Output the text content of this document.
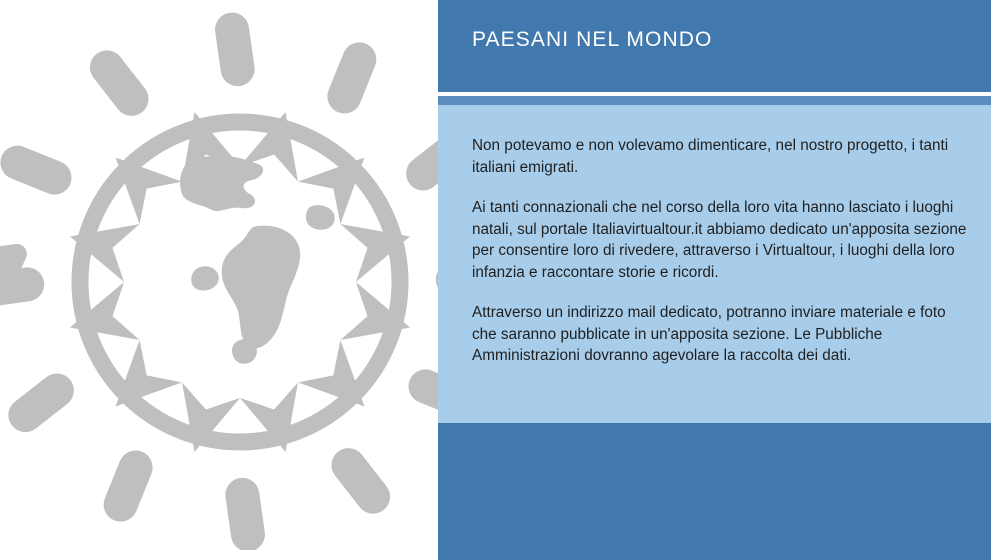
PAESANI NEL MONDO

Non potevamo e non volevamo dimenticare, nel nostro progetto, i tanti italiani emigrati.

Ai tanti connazionali che nel corso della loro vita hanno lasciato i luoghi natali, sul portale Italiavirtualtour.it abbiamo dedicato un'apposita sezione per consentire loro di rivedere, attraverso i Virtualtour, i luoghi della loro infanzia e raccontare storie e ricordi.

Attraverso un indirizzo mail dedicato, potranno inviare materiale e foto che saranno pubblicate in un'apposita sezione. Le Pubbliche Amministrazioni dovranno agevolare la raccolta dei dati.
